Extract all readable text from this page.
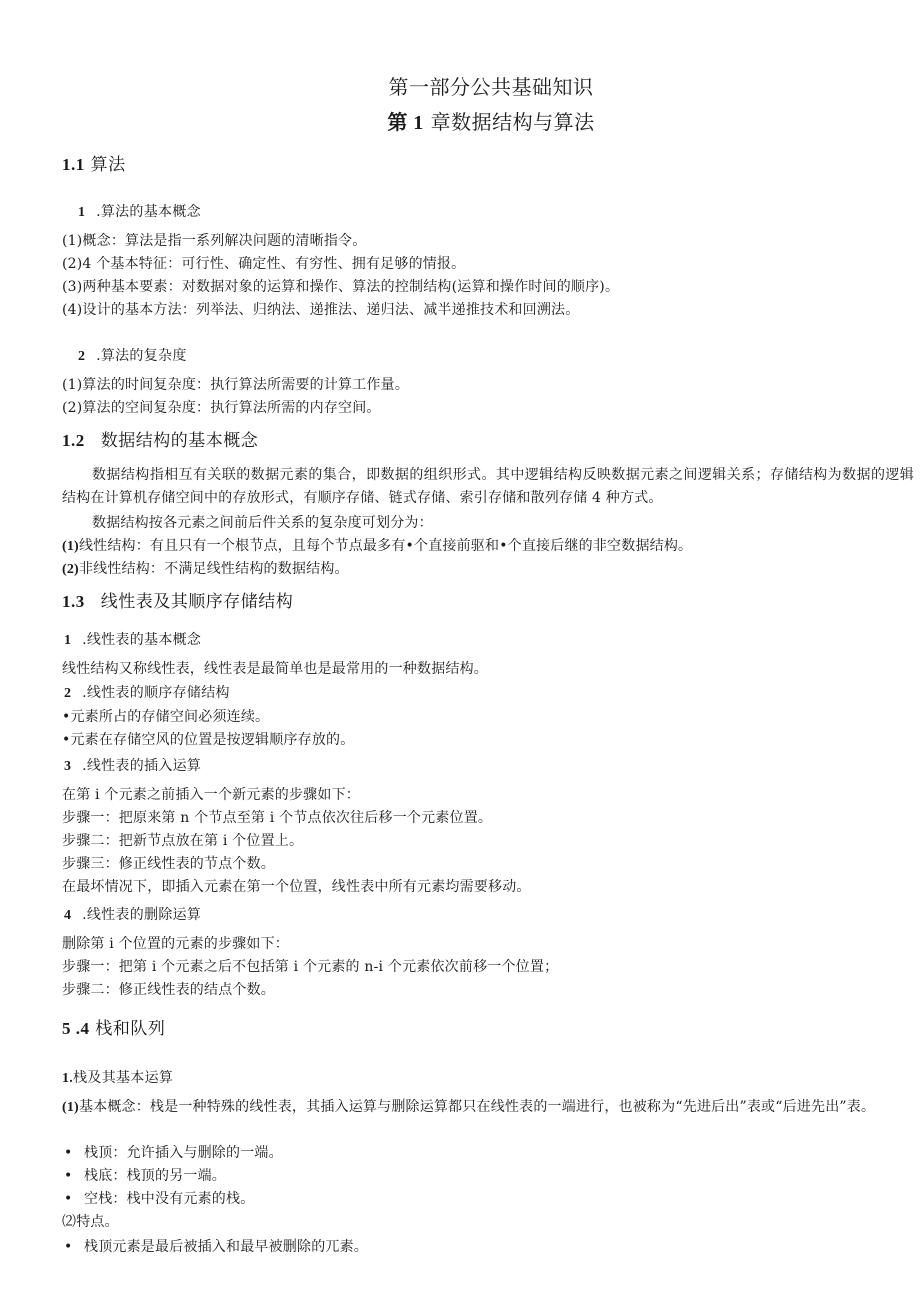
第一部分公共基础知识

第 1 章数据结构与算法

1.1 算法

1 .算法的基本概念

(1)概念：算法是指一系列解决问题的清晰指令。

(2)4 个基本特征：可行性、确定性、有穷性、拥有足够的情报。

(3)两种基本要素：对数据对象的运算和操作、算法的控制结构(运算和操作时间的顺序)。

(4)设计的基本方法：列举法、归纳法、递推法、递归法、减半递推技术和回溯法。

2 .算法的复杂度

(1)算法的时间复杂度：执行算法所需要的计算工作量。

(2)算法的空间复杂度：执行算法所需的内存空间。

1.2 数据结构的基本概念

数据结构指相互有关联的数据元素的集合，即数据的组织形式。其中逻辑结构反映数据元素之间逻辑关系；存储结构为数据的逻辑结构在计算机存储空间中的存放形式，有顺序存储、链式存储、索引存储和散列存储 4 种方式。

数据结构按各元素之间前后件关系的复杂度可划分为：

(1)线性结构：有且只有一个根节点，且每个节点最多有•个直接前驱和•个直接后继的非空数据结构。

(2)非线性结构：不满足线性结构的数据结构。

1.3 线性表及其顺序存储结构

1 .线性表的基本概念

线性结构又称线性表，线性表是最简单也是最常用的一种数据结构。

2 .线性表的顺序存储结构

•元素所占的存储空间必须连续。

•元素在存储空风的位置是按逻辑顺序存放的。

3 .线性表的插入运算

在第 i 个元素之前插入一个新元素的步骤如下：

步骤一：把原来第 n 个节点至第 i 个节点依次往后移一个元素位置。

步骤二：把新节点放在第 i 个位置上。

步骤三：修正线性表的节点个数。

在最坏情况下，即插入元素在第一个位置，线性表中所有元素均需要移动。

4 .线性表的删除运算

删除第 i 个位置的元素的步骤如下：

步骤一：把第 i 个元素之后不包括第 i 个元素的 n-i 个元素依次前移一个位置；

步骤二：修正线性表的结点个数。

5 .4 栈和队列

1.栈及其基本运算

(1)基本概念：栈是一种特殊的线性表，其插入运算与删除运算都只在线性表的一端进行，也被称为“先进后出”表或“后进先出”表。

• 栈顶：允许插入与删除的一端。

• 栈底：栈顶的另一端。

• 空栈：栈中没有元素的栈。

⑵特点。

• 栈顶元素是最后被插入和最早被删除的兀素。
